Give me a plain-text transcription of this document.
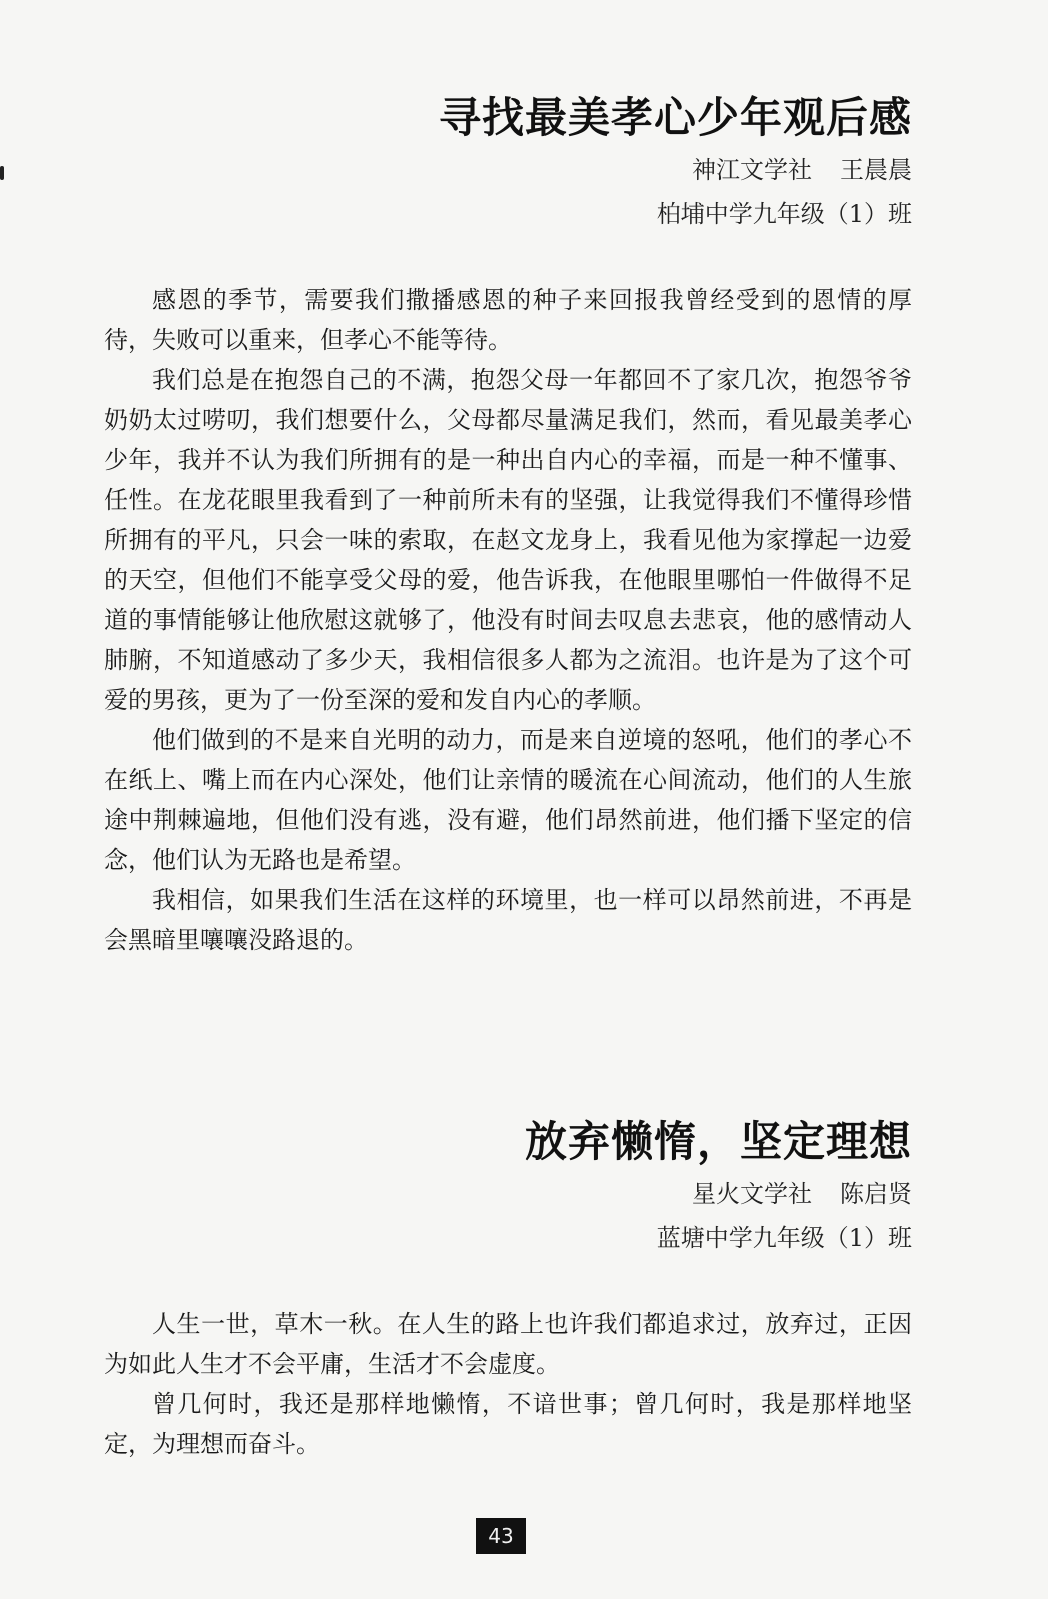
寻找最美孝心少年观后感

神江文学社 王晨晨

柏埔中学九年级（1）班

感恩的季节，需要我们撒播感恩的种子来回报我曾经受到的恩情的厚待，失败可以重来，但孝心不能等待。

我们总是在抱怨自己的不满，抱怨父母一年都回不了家几次，抱怨爷爷奶奶太过唠叨，我们想要什么，父母都尽量满足我们，然而，看见最美孝心少年，我并不认为我们所拥有的是一种出自内心的幸福，而是一种不懂事、任性。在龙花眼里我看到了一种前所未有的坚强，让我觉得我们不懂得珍惜所拥有的平凡，只会一味的索取，在赵文龙身上，我看见他为家撑起一边爱的天空，但他们不能享受父母的爱，他告诉我，在他眼里哪怕一件做得不足道的事情能够让他欣慰这就够了，他没有时间去叹息去悲哀，他的感情动人肺腑，不知道感动了多少天，我相信很多人都为之流泪。也许是为了这个可爱的男孩，更为了一份至深的爱和发自内心的孝顺。

他们做到的不是来自光明的动力，而是来自逆境的怒吼，他们的孝心不在纸上、嘴上而在内心深处，他们让亲情的暖流在心间流动，他们的人生旅途中荆棘遍地，但他们没有逃，没有避，他们昂然前进，他们播下坚定的信念，他们认为无路也是希望。

我相信，如果我们生活在这样的环境里，也一样可以昂然前进，不再是会黑暗里嚷嚷没路退的。

放弃懒惰，坚定理想

星火文学社 陈启贤

蓝塘中学九年级（1）班

人生一世，草木一秋。在人生的路上也许我们都追求过，放弃过，正因为如此人生才不会平庸，生活才不会虚度。

曾几何时，我还是那样地懒惰，不谙世事；曾几何时，我是那样地坚定，为理想而奋斗。

43
